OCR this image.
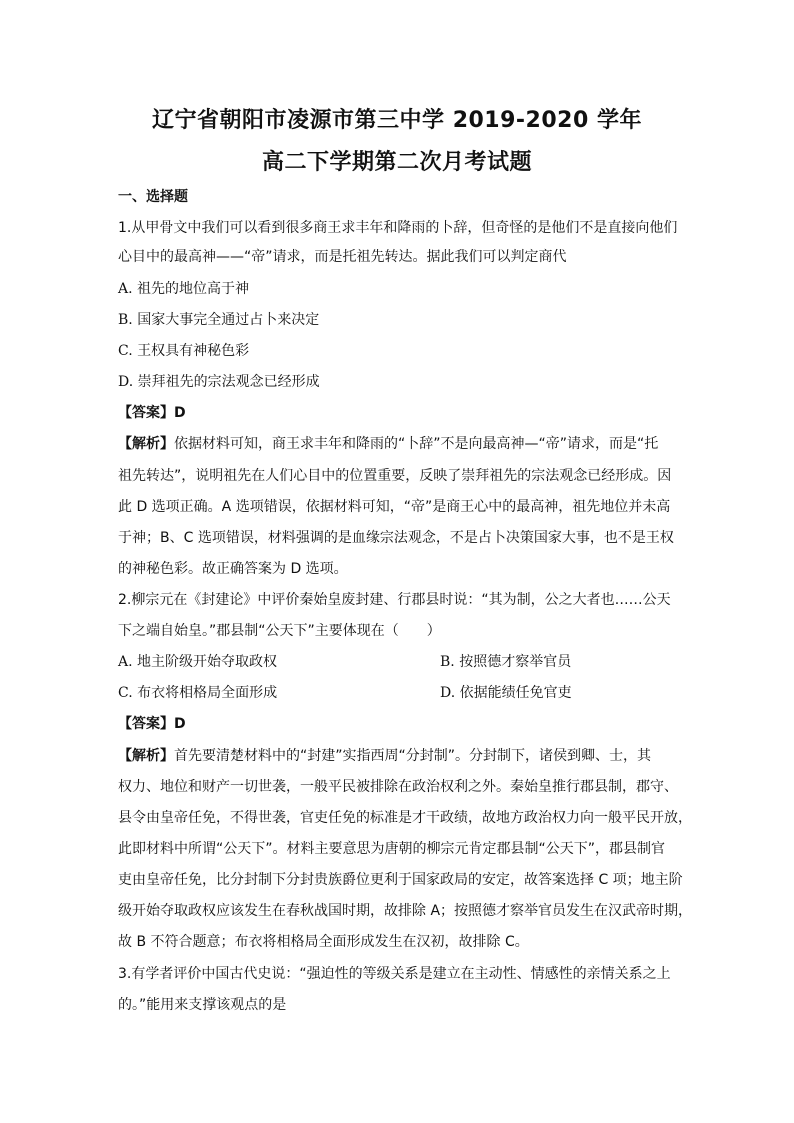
辽宁省朝阳市凌源市第三中学 2019-2020 学年
高二下学期第二次月考试题
一、选择题
1.从甲骨文中我们可以看到很多商王求丰年和降雨的卜辞，但奇怪的是他们不是直接向他们
心目中的最高神——“帝”请求，而是托祖先转达。据此我们可以判定商代
A. 祖先的地位高于神
B. 国家大事完全通过占卜来决定
C. 王权具有神秘色彩
D. 崇拜祖先的宗法观念已经形成
【答案】D
【解析】依据材料可知，商王求丰年和降雨的“卜辞”不是向最高神—“帝”请求，而是“托
祖先转达”，说明祖先在人们心目中的位置重要，反映了崇拜祖先的宗法观念已经形成。因
此 D 选项正确。A 选项错误，依据材料可知，“帝”是商王心中的最高神，祖先地位并未高
于神；B、C 选项错误，材料强调的是血缘宗法观念，不是占卜决策国家大事，也不是王权
的神秘色彩。故正确答案为 D 选项。
2.柳宗元在《封建论》中评价秦始皇废封建、行郡县时说：“其为制，公之大者也……公天
下之端自始皇。”郡县制“公天下”主要体现在（　　）
A. 地主阶级开始夺取政权	B. 按照德才察举官员
C. 布衣将相格局全面形成	D. 依据能绩任免官吏
【答案】D
【解析】首先要清楚材料中的“封建”实指西周“分封制”。分封制下，诸侯到卿、士，其
权力、地位和财产一切世袭，一般平民被排除在政治权利之外。秦始皇推行郡县制，郡守、
县令由皇帝任免，不得世袭，官吏任免的标准是才干政绩，故地方政治权力向一般平民开放，
此即材料中所谓“公天下”。材料主要意思为唐朝的柳宗元肯定郡县制“公天下”，郡县制官
吏由皇帝任免，比分封制下分封贵族爵位更利于国家政局的安定，故答案选择 C 项；地主阶
级开始夺取政权应该发生在春秋战国时期，故排除 A；按照德才察举官员发生在汉武帝时期，
故 B 不符合题意；布衣将相格局全面形成发生在汉初，故排除 C。
3.有学者评价中国古代史说：“强迫性的等级关系是建立在主动性、情感性的亲情关系之上
的。”能用来支撑该观点的是
